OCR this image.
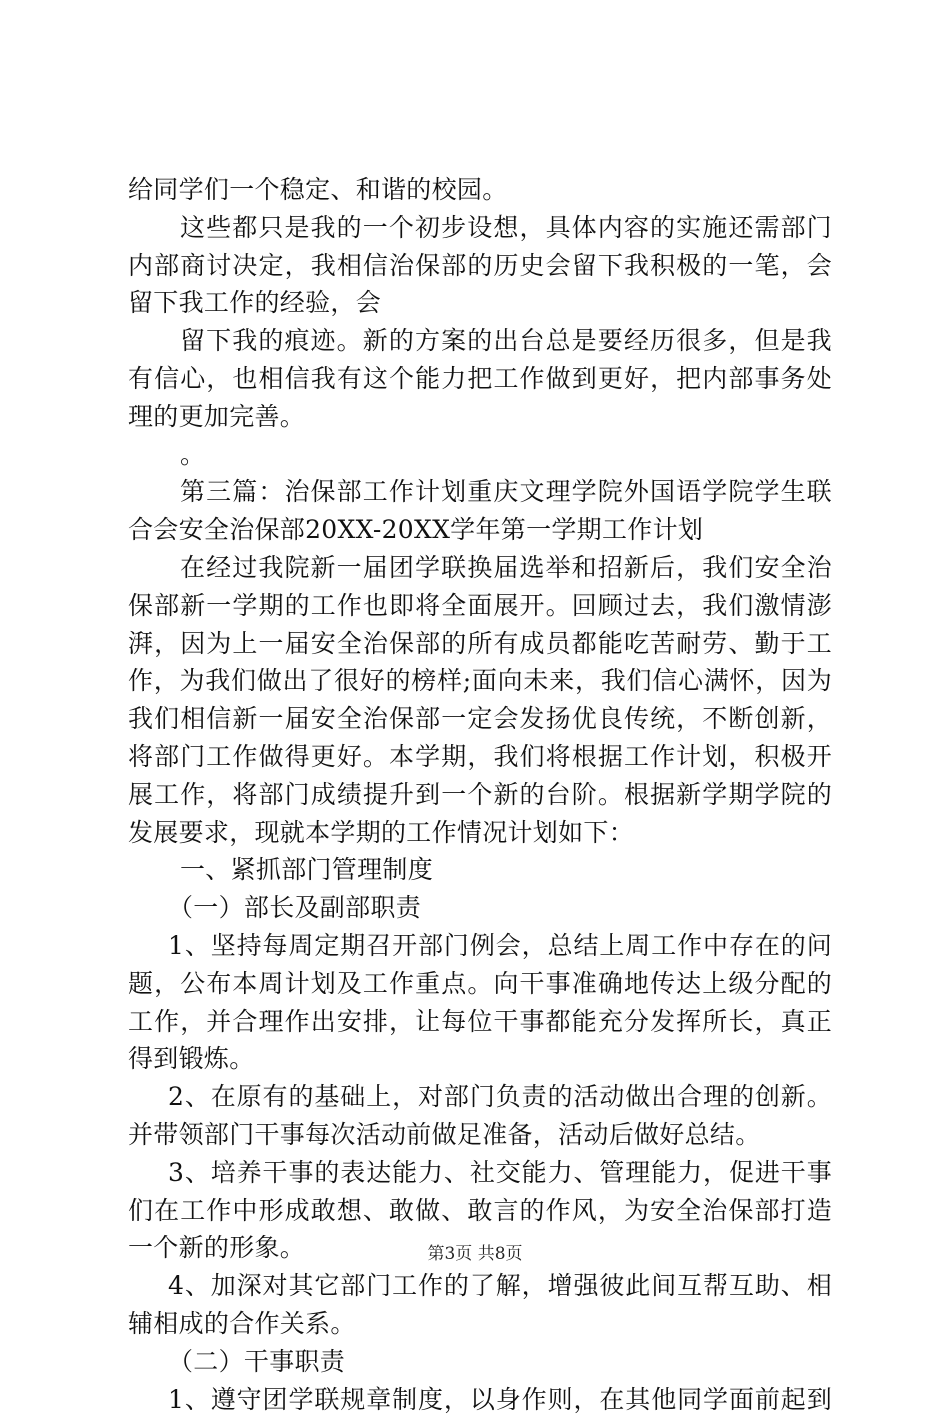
给同学们一个稳定、和谐的校园。
这些都只是我的一个初步设想，具体内容的实施还需部门
内部商讨决定，我相信治保部的历史会留下我积极的一笔，会
留下我工作的经验，会
留下我的痕迹。新的方案的出台总是要经历很多，但是我
有信心，也相信我有这个能力把工作做到更好，把内部事务处
理的更加完善。
。
第三篇：治保部工作计划重庆文理学院外国语学院学生联
合会安全治保部20XX-20XX学年第一学期工作计划
在经过我院新一届团学联换届选举和招新后，我们安全治
保部新一学期的工作也即将全面展开。回顾过去，我们激情澎
湃，因为上一届安全治保部的所有成员都能吃苦耐劳、勤于工
作，为我们做出了很好的榜样;面向未来，我们信心满怀，因为
我们相信新一届安全治保部一定会发扬优良传统，不断创新，
将部门工作做得更好。本学期，我们将根据工作计划，积极开
展工作，将部门成绩提升到一个新的台阶。根据新学期学院的
发展要求，现就本学期的工作情况计划如下：
一、紧抓部门管理制度
（一）部长及副部职责
1、坚持每周定期召开部门例会，总结上周工作中存在的问
题，公布本周计划及工作重点。向干事准确地传达上级分配的
工作，并合理作出安排，让每位干事都能充分发挥所长，真正
得到锻炼。
2、在原有的基础上，对部门负责的活动做出合理的创新。
并带领部门干事每次活动前做足准备，活动后做好总结。
3、培养干事的表达能力、社交能力、管理能力，促进干事
们在工作中形成敢想、敢做、敢言的作风，为安全治保部打造
一个新的形象。
4、加深对其它部门工作的了解，增强彼此间互帮互助、相
辅相成的合作关系。
（二）干事职责
1、遵守团学联规章制度，以身作则，在其他同学面前起到
第3页 共8页
